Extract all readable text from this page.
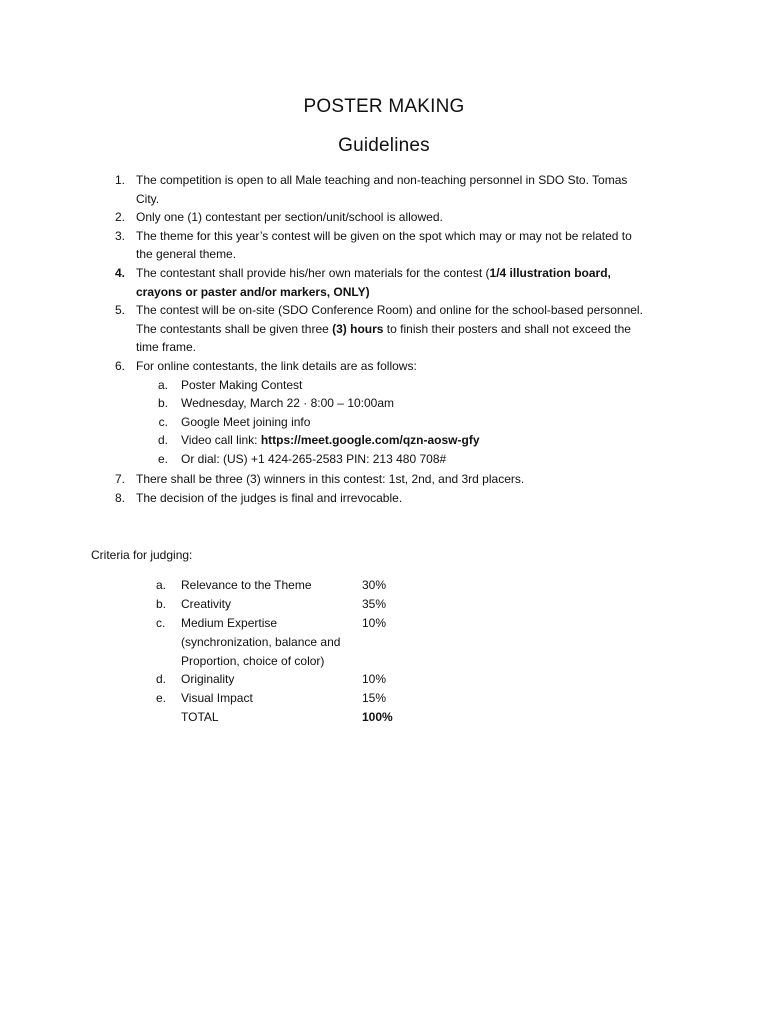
POSTER MAKING
Guidelines
1. The competition is open to all Male teaching and non-teaching personnel in SDO Sto. Tomas
City.
2. Only one (1) contestant per section/unit/school is allowed.
3. The theme for this year’s contest will be given on the spot which may or may not be related to
the general theme.
4. The contestant shall provide his/her own materials for the contest (1/4 illustration board,
crayons or paster and/or markers, ONLY)
5. The contest will be on-site (SDO Conference Room) and online for the school-based personnel.
The contestants shall be given three (3) hours to finish their posters and shall not exceed the
time frame.
6. For online contestants, the link details are as follows:
a. Poster Making Contest
b. Wednesday, March 22 · 8:00 – 10:00am
c. Google Meet joining info
d. Video call link: https://meet.google.com/qzn-aosw-gfy
e. Or dial: (US) +1 424-265-2583 PIN: 213 480 708#
7. There shall be three (3) winners in this contest: 1st, 2nd, and 3rd placers.
8. The decision of the judges is final and irrevocable.
Criteria for judging:
a. Relevance to the Theme	30%
b. Creativity	35%
c. Medium Expertise	10%
(synchronization, balance and
Proportion, choice of color)
d. Originality	10%
e. Visual Impact	15%
TOTAL	100%
